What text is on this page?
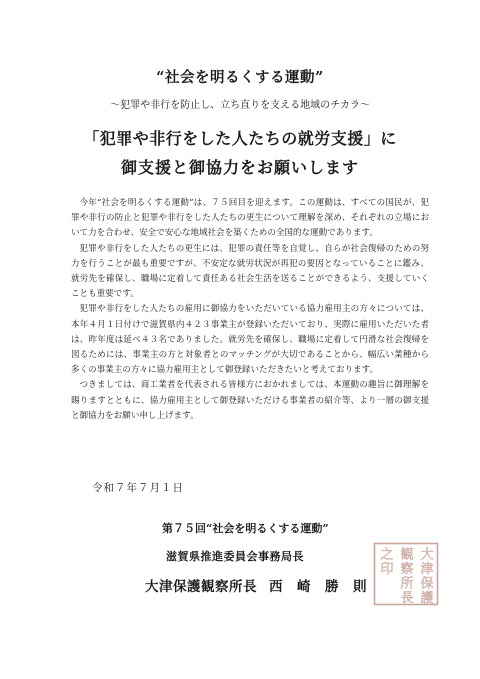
“社会を明るくする運動”
～犯罪や非行を防止し、立ち直りを支える地域のチカラ～
「犯罪や非行をした人たちの就労支援」に
御支援と御協力をお願いします

今年“社会を明るくする運動”は、７５回目を迎えます。この運動は、すべての国民が、犯罪や非行の防止と犯罪や非行をした人たちの更生について理解を深め、それぞれの立場において力を合わせ、安全で安心な地域社会を築くための全国的な運動であります。

犯罪や非行をした人たちの更生には、犯罪の責任等を自覚し、自らが社会復帰のための努力を行うことが最も重要ですが、不安定な就労状況が再犯の要因となっていることに鑑み、就労先を確保し、職場に定着して責任ある社会生活を送ることができるよう、支援していくことも重要です。

犯罪や非行をした人たちの雇用に御協力をいただいている協力雇用主の方々については、本年４月１日付けで滋賀県内４２３事業主が登録いただいており、実際に雇用いただいた者は、昨年度は延べ４３名でありました。就労先を確保し、職場に定着して円滑な社会復帰を図るためには、事業主の方と対象者とのマッチングが大切であることから、幅広い業種から多くの事業主の方々に協力雇用主として御登録いただきたいと考えております。

つきましては、商工業者を代表される皆様方におかれましては、本運動の趣旨に御理解を賜りますとともに、協力雇用主として御登録いただける事業者の紹介等、より一層の御支援と御協力をお願い申し上げます。

令和７年７月１日
第７５回“社会を明るくする運動”
滋賀県推進委員会事務局長
大津保護観察所長 西　崎 勝　則
大
津
保
護
観
察
所
長
之
印
